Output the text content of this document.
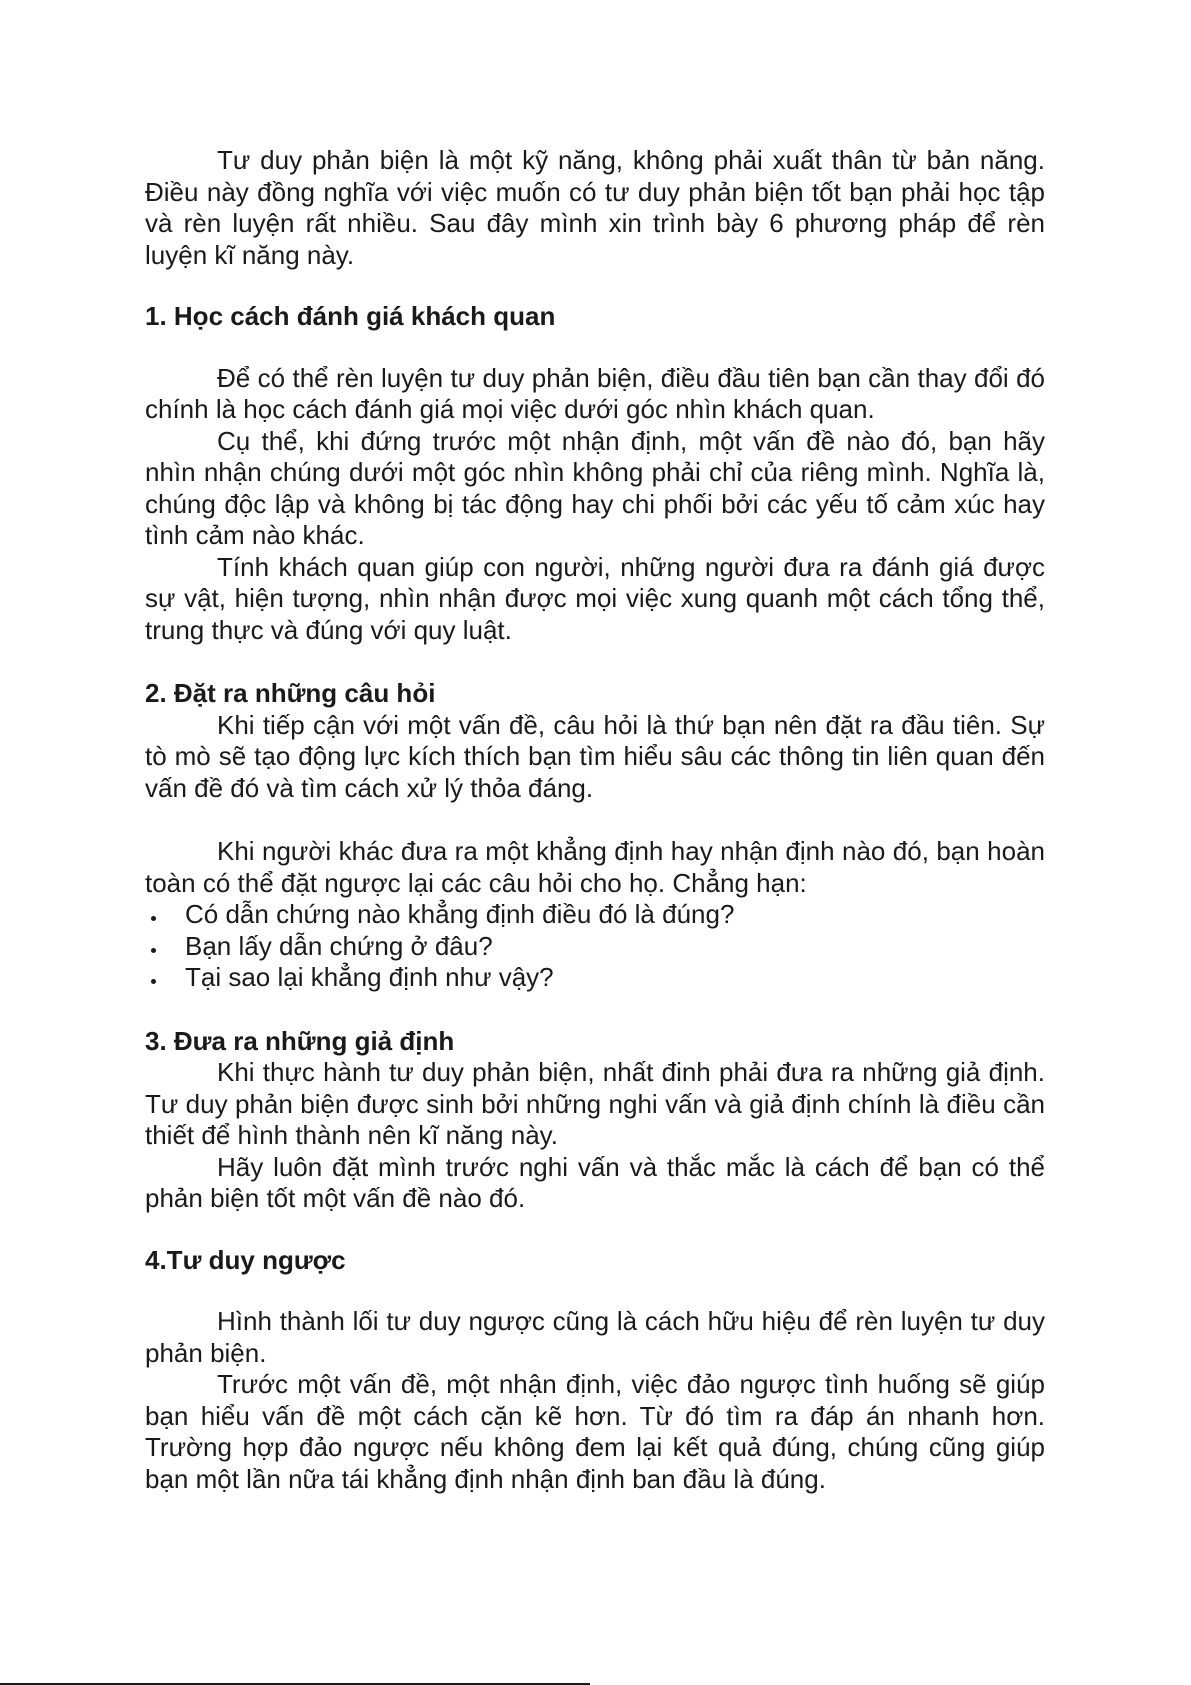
Tư duy phản biện là một kỹ năng, không phải xuất thân từ bản năng. Điều này đồng nghĩa với việc muốn có tư duy phản biện tốt bạn phải học tập và rèn luyện rất nhiều. Sau đây mình xin trình bày 6 phương pháp để rèn luyện kĩ năng này.

1. Học cách đánh giá khách quan

Để có thể rèn luyện tư duy phản biện, điều đầu tiên bạn cần thay đổi đó chính là học cách đánh giá mọi việc dưới góc nhìn khách quan.

Cụ thể, khi đứng trước một nhận định, một vấn đề nào đó, bạn hãy nhìn nhận chúng dưới một góc nhìn không phải chỉ của riêng mình. Nghĩa là, chúng độc lập và không bị tác động hay chi phối bởi các yếu tố cảm xúc hay tình cảm nào khác.

Tính khách quan giúp con người, những người đưa ra đánh giá được sự vật, hiện tượng, nhìn nhận được mọi việc xung quanh một cách tổng thể, trung thực và đúng với quy luật.

2. Đặt ra những câu hỏi

Khi tiếp cận với một vấn đề, câu hỏi là thứ bạn nên đặt ra đầu tiên. Sự tò mò sẽ tạo động lực kích thích bạn tìm hiểu sâu các thông tin liên quan đến vấn đề đó và tìm cách xử lý thỏa đáng.

Khi người khác đưa ra một khẳng định hay nhận định nào đó, bạn hoàn toàn có thể đặt ngược lại các câu hỏi cho họ. Chẳng hạn:

Có dẫn chứng nào khẳng định điều đó là đúng?
Bạn lấy dẫn chứng ở đâu?
Tại sao lại khẳng định như vậy?
3. Đưa ra những giả định

Khi thực hành tư duy phản biện, nhất đinh phải đưa ra những giả định. Tư duy phản biện được sinh bởi những nghi vấn và giả định chính là điều cần thiết để hình thành nên kĩ năng này.

Hãy luôn đặt mình trước nghi vấn và thắc mắc là cách để bạn có thể phản biện tốt một vấn đề nào đó.

4.Tư duy ngược

Hình thành lối tư duy ngược cũng là cách hữu hiệu để rèn luyện tư duy phản biện.

Trước một vấn đề, một nhận định, việc đảo ngược tình huống sẽ giúp bạn hiểu vấn đề một cách cặn kẽ hơn. Từ đó tìm ra đáp án nhanh hơn. Trường hợp đảo ngược nếu không đem lại kết quả đúng, chúng cũng giúp bạn một lần nữa tái khẳng định nhận định ban đầu là đúng.
